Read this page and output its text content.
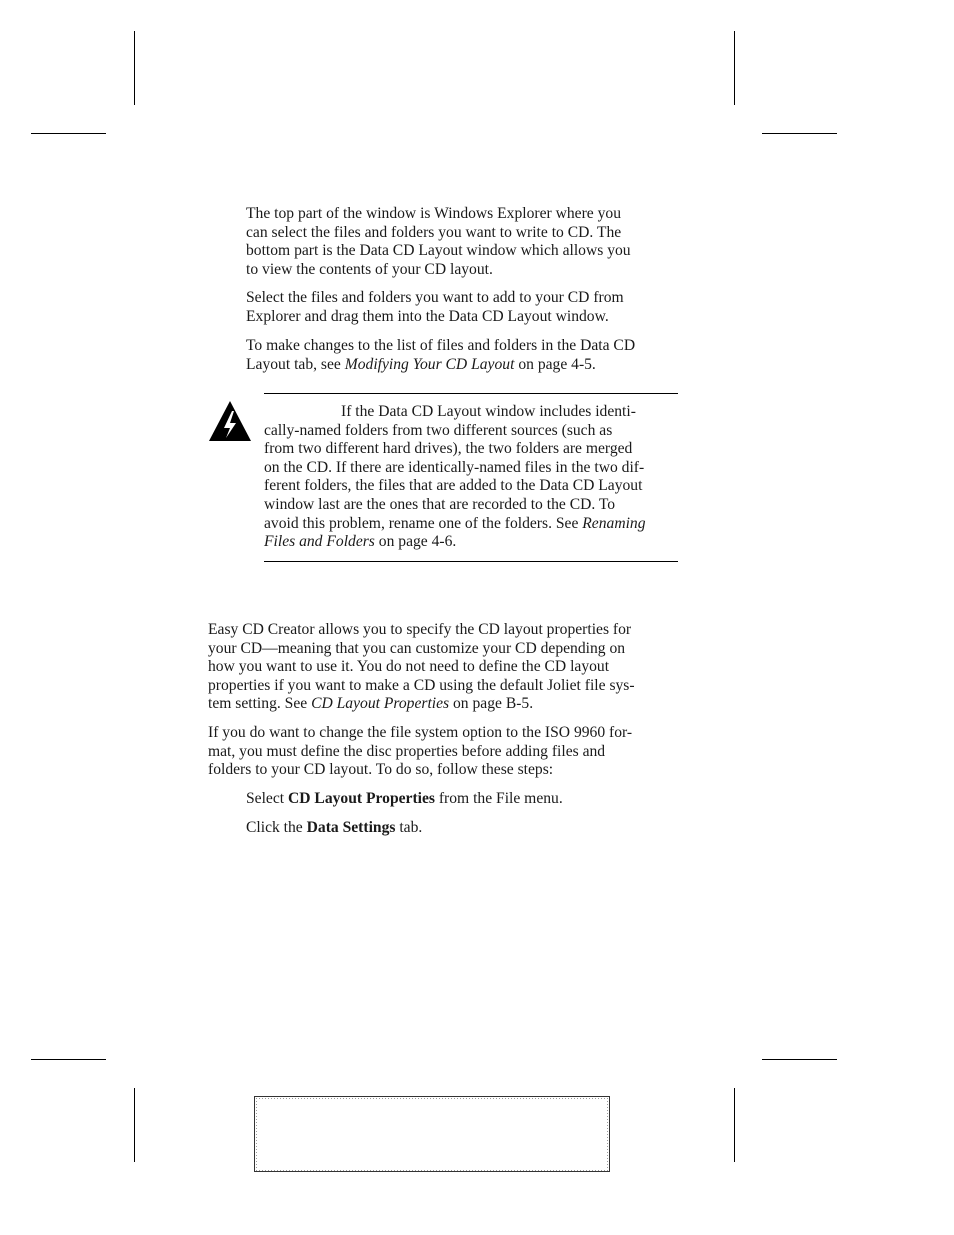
The top part of the window is Windows Explorer where you
can select the files and folders you want to write to CD. The
bottom part is the Data CD Layout window which allows you
to view the contents of your CD layout.
Select the files and folders you want to add to your CD from
Explorer and drag them into the Data CD Layout window.
To make changes to the list of files and folders in the Data CD
Layout tab, see Modifying Your CD Layout on page 4-5.
If the Data CD Layout window includes identi-
cally-named folders from two different sources (such as
from two different hard drives), the two folders are merged
on the CD. If there are identically-named files in the two dif-
ferent folders, the files that are added to the Data CD Layout
window last are the ones that are recorded to the CD. To
avoid this problem, rename one of the folders. See Renaming
Files and Folders on page 4-6.
Easy CD Creator allows you to specify the CD layout properties for
your CD—meaning that you can customize your CD depending on
how you want to use it. You do not need to define the CD layout
properties if you want to make a CD using the default Joliet file sys-
tem setting. See CD Layout Properties on page B-5.
If you do want to change the file system option to the ISO 9960 for-
mat, you must define the disc properties before adding files and
folders to your CD layout. To do so, follow these steps:
Select CD Layout Properties from the File menu.
Click the Data Settings tab.
